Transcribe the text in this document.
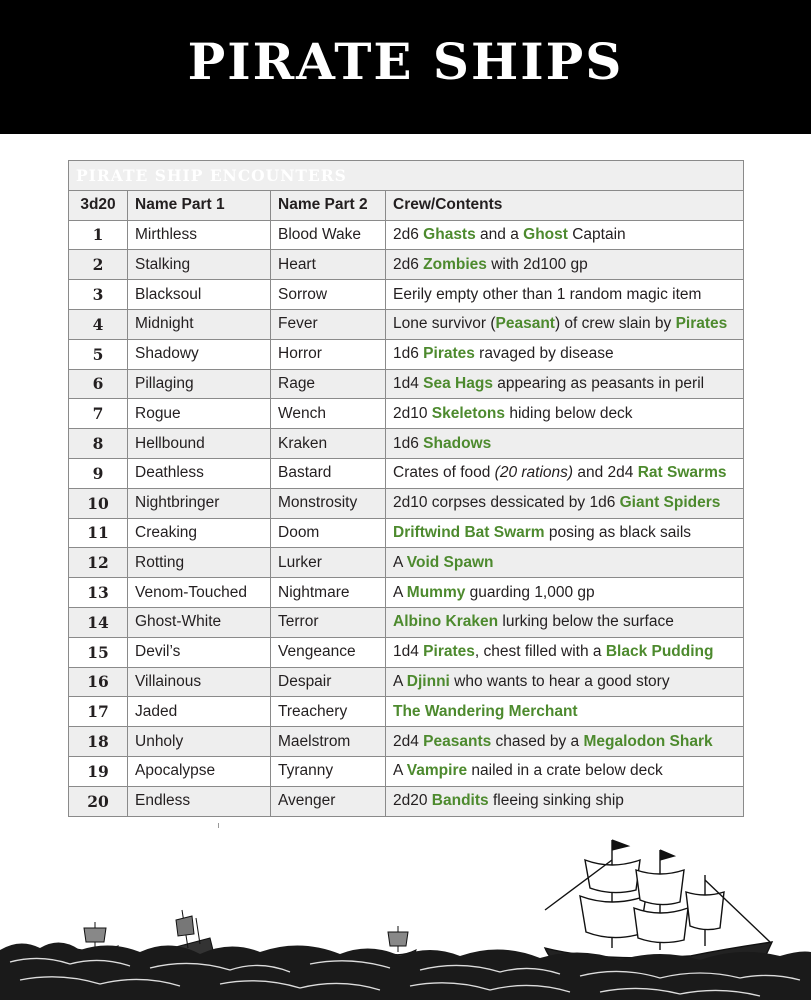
PIRATE SHIPS
PIRATE SHIP ENCOUNTERS			
3d20	Name Part 1	Name Part 2	Crew/Contents
1	Mirthless	Blood Wake	2d6 Ghasts and a Ghost Captain
2	Stalking	Heart	2d6 Zombies with 2d100 gp
3	Blacksoul	Sorrow	Eerily empty other than 1 random magic item
4	Midnight	Fever	Lone survivor (Peasant) of crew slain by Pirates
5	Shadowy	Horror	1d6 Pirates ravaged by disease
6	Pillaging	Rage	1d4 Sea Hags appearing as peasants in peril
7	Rogue	Wench	2d10 Skeletons hiding below deck
8	Hellbound	Kraken	1d6 Shadows
9	Deathless	Bastard	Crates of food (20 rations) and 2d4 Rat Swarms
10	Nightbringer	Monstrosity	2d10 corpses dessicated by 1d6 Giant Spiders
11	Creaking	Doom	Driftwind Bat Swarm posing as black sails
12	Rotting	Lurker	A Void Spawn
13	Venom-Touched	Nightmare	A Mummy guarding 1,000 gp
14	Ghost-White	Terror	Albino Kraken lurking below the surface
15	Devil’s	Vengeance	1d4 Pirates, chest filled with a Black Pudding
16	Villainous	Despair	A Djinni who wants to hear a good story
17	Jaded	Treachery	The Wandering Merchant
18	Unholy	Maelstrom	2d4 Peasants chased by a Megalodon Shark
19	Apocalypse	Tyranny	A Vampire nailed in a crate below deck
20	Endless	Avenger	2d20 Bandits fleeing sinking ship
